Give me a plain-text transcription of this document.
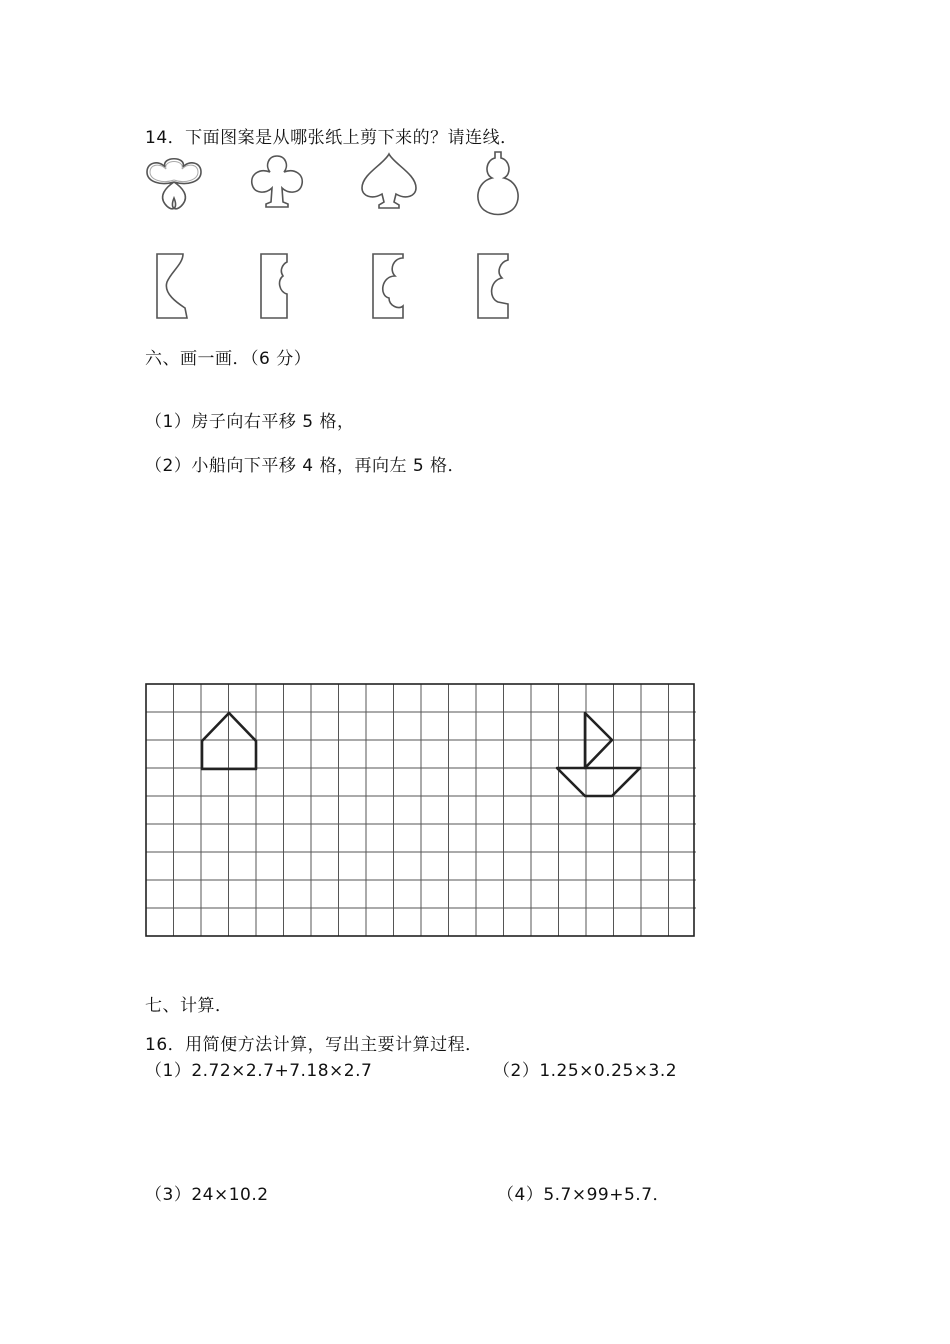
14．下面图案是从哪张纸上剪下来的？请连线．
六、画一画．（6 分）
（1）房子向右平移 5 格，
（2）小船向下平移 4 格，再向左 5 格．
七、计算．
16．用简便方法计算，写出主要计算过程．
（1）2.72×2.7+7.18×2.7	（2）1.25×0.25×3.2
（3）24×10.2	（4）5.7×99+5.7．
